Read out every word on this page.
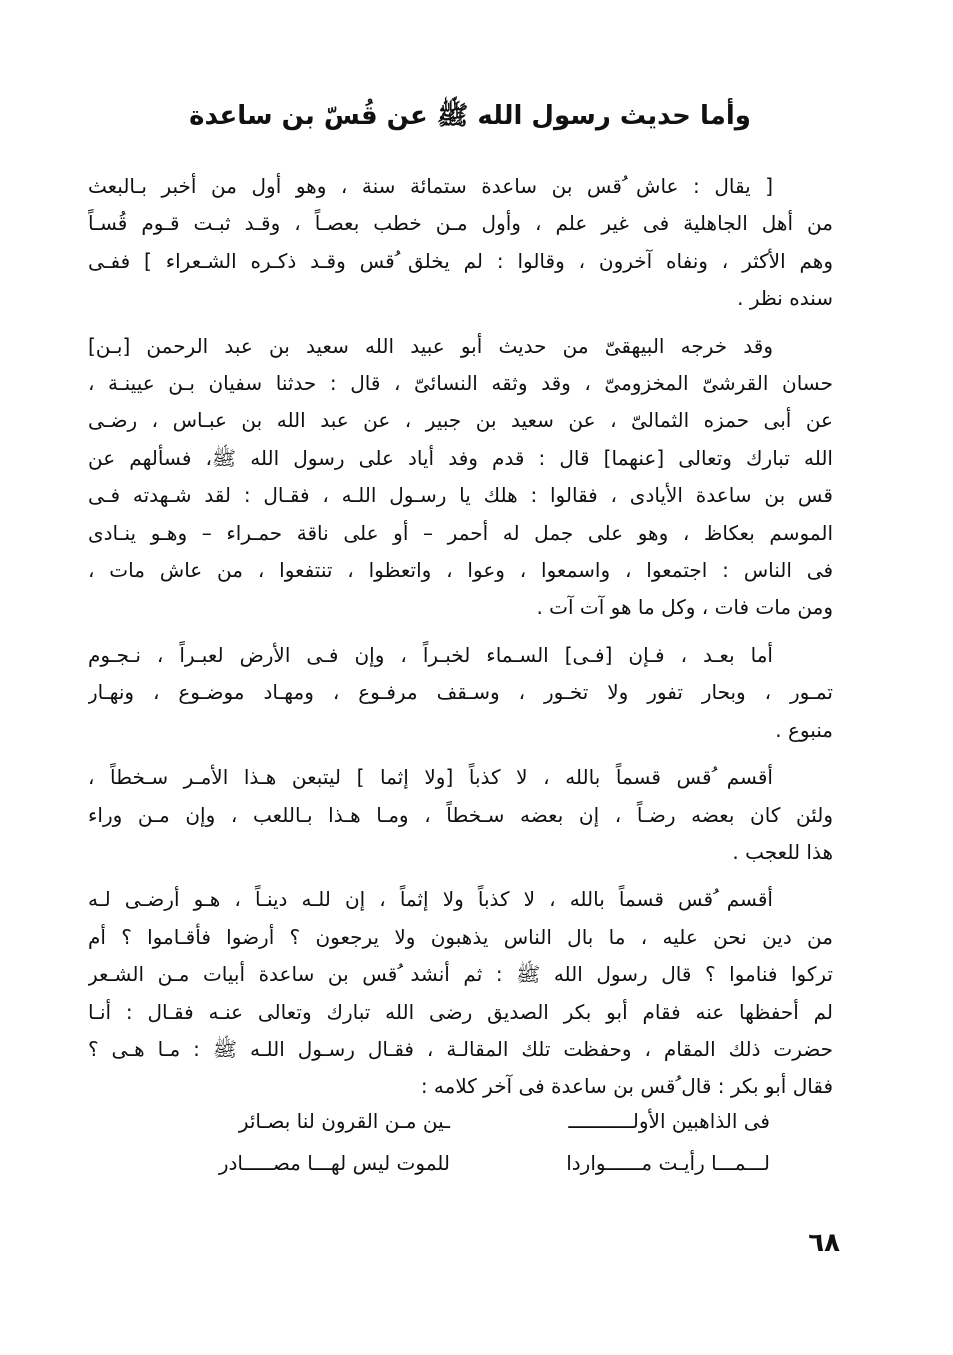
وأما حديث رسول الله ﷺ عن قُسّ بن ساعدة

[ يقال : عاش ُقس بن ساعدة ستمائة سنة ، وهو أول من أخبر بـالبعث
من أهل الجاهلية فى غير علم ، وأول مـن خطب بعصـاً ، وقـد ثبـت قـوم قُسـاً
وهم الأكثر ، ونفاه آخرون ، وقالوا : لم يخلق ُقس وقـد ذكـره الشـعراء ] ففـى
سنده نظر .

وقد خرجه البيهقىّ من حديث أبو عبيد الله سعيد بن عبد الرحمن [بـن]
حسان القرشىّ المخزومىّ ، وقد وثقه النسائىّ ، قال : حدثنا سفيان بـن عيينـة ،
عن أبى حمزه الثمالىّ ، عن سعيد بن جبير ، عن عبد الله بن عبـاس ، رضـى
الله تبارك وتعالى [عنهما] قال : قدم وفد أياد على رسول الله ﷺ، فسألهم عن
ُقس بن ساعدة الأيادى ، فقالوا : هلك يا رسـول اللـه ، فقـال : لقد شـهدته فـى
الموسم بعكاظ ، وهو على جمل له أحمر – أو على ناقة حمـراء – وهـو ينـادى
فى الناس : اجتمعوا ، واسمعوا ، وعوا ، واتعظوا ، تنتفعوا ، من عاش مات ،
ومن مات فات ، وكل ما هو آت آت .

أما بعـد ، فـإن [فـى] السـماء لخبـراً ، وإن فـى الأرض لعبـراً ، نـجـوم
تمـور ، وبحار تفور ولا تخـور ، وسـقف مرفـوع ، ومهـاد موضـوع ، ونهـار
منبوع .

أقسم ُقس قسماً بالله ، لا كذباً [ولا إثما ] ليتبعن هـذا الأمـر سـخطاً ،
ولئن كان بعضه رضـاً ، إن بعضه سـخطاً ، ومـا هـذا بـاللعب ، وإن مـن وراء
هذا للعجب .

أقسم ُقس قسماً بالله ، لا كذباً ولا إثماً ، إن للـه دينـاً ، هـو أرضـى لـه
من دين نحن عليه ، ما بال الناس يذهبون ولا يرجعون ؟ أرضوا فأقـاموا ؟ أم
تركوا فناموا ؟ قال رسول الله ﷺ : ثم أنشد ُقس بن ساعدة أبيات مـن الشـعر
لم أحفظها عنه فقام أبو بكر الصديق رضى الله تبارك وتعالى عنـه فقـال : أنـا
حضرت ذلك المقام ، وحفظت تلك المقالـة ، فقـال رسـول اللـه ﷺ : مـا هـى ؟
فقال أبو بكر : قال ُقس بن ساعدة فى آخر كلامه :

فى الذاهبين الأولـــــــــــ
ـين مـن القرون لنا بصـائر
لـــمـــا رأيـت مــــــواردا
للموت ليس لهـــا مصـــــادر
٦٨
